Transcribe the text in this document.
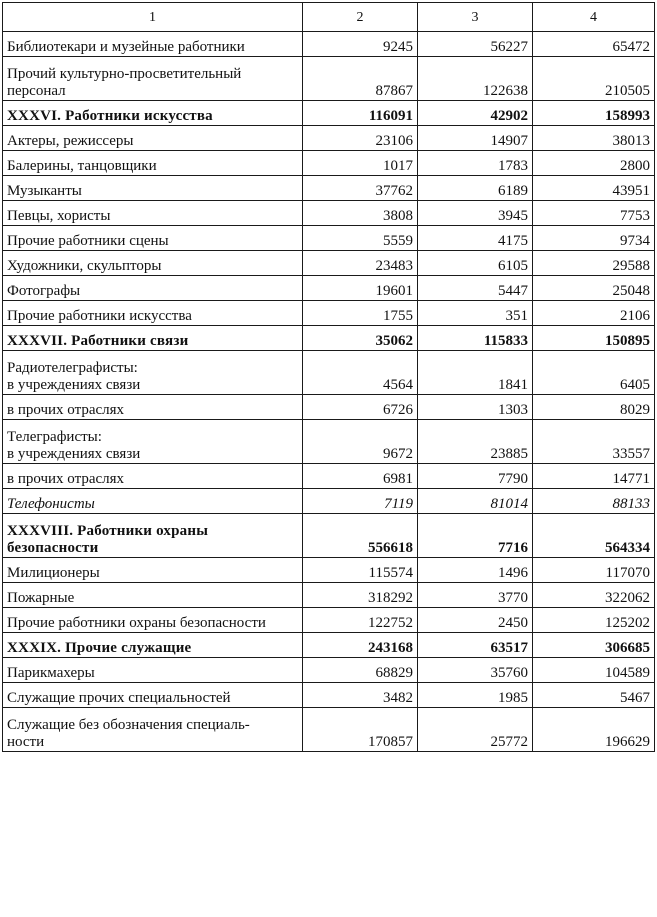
1	2	3	4

Библиотекари и музейные работники	9245	56227	65472

Прочий культурно-просветительный
персонал	87867	122638	210505

XXXVI. Работники искусства	116091	42902	158993

Актеры, режиссеры	23106	14907	38013

Балерины, танцовщики	1017	1783	2800

Музыканты	37762	6189	43951

Певцы, хористы	3808	3945	7753

Прочие работники сцены	5559	4175	9734

Художники, скульпторы	23483	6105	29588

Фотографы	19601	5447	25048

Прочие работники искусства	1755	351	2106

XXXVII. Работники связи	35062	115833	150895

Радиотелеграфисты:
в учреждениях связи	4564	1841	6405

в прочих отраслях	6726	1303	8029

Телеграфисты:
в учреждениях связи	9672	23885	33557

в прочих отраслях	6981	7790	14771

Телефонисты	7119	81014	88133

XXXVIII. Работники охраны
безопасности	556618	7716	564334

Милиционеры	115574	1496	117070

Пожарные	318292	3770	322062

Прочие работники охраны безопасности	122752	2450	125202

XXXIX. Прочие служащие	243168	63517	306685

Парикмахеры	68829	35760	104589

Служащие прочих специальностей	3482	1985	5467

Служащие без обозначения специаль-
ности	170857	25772	196629
